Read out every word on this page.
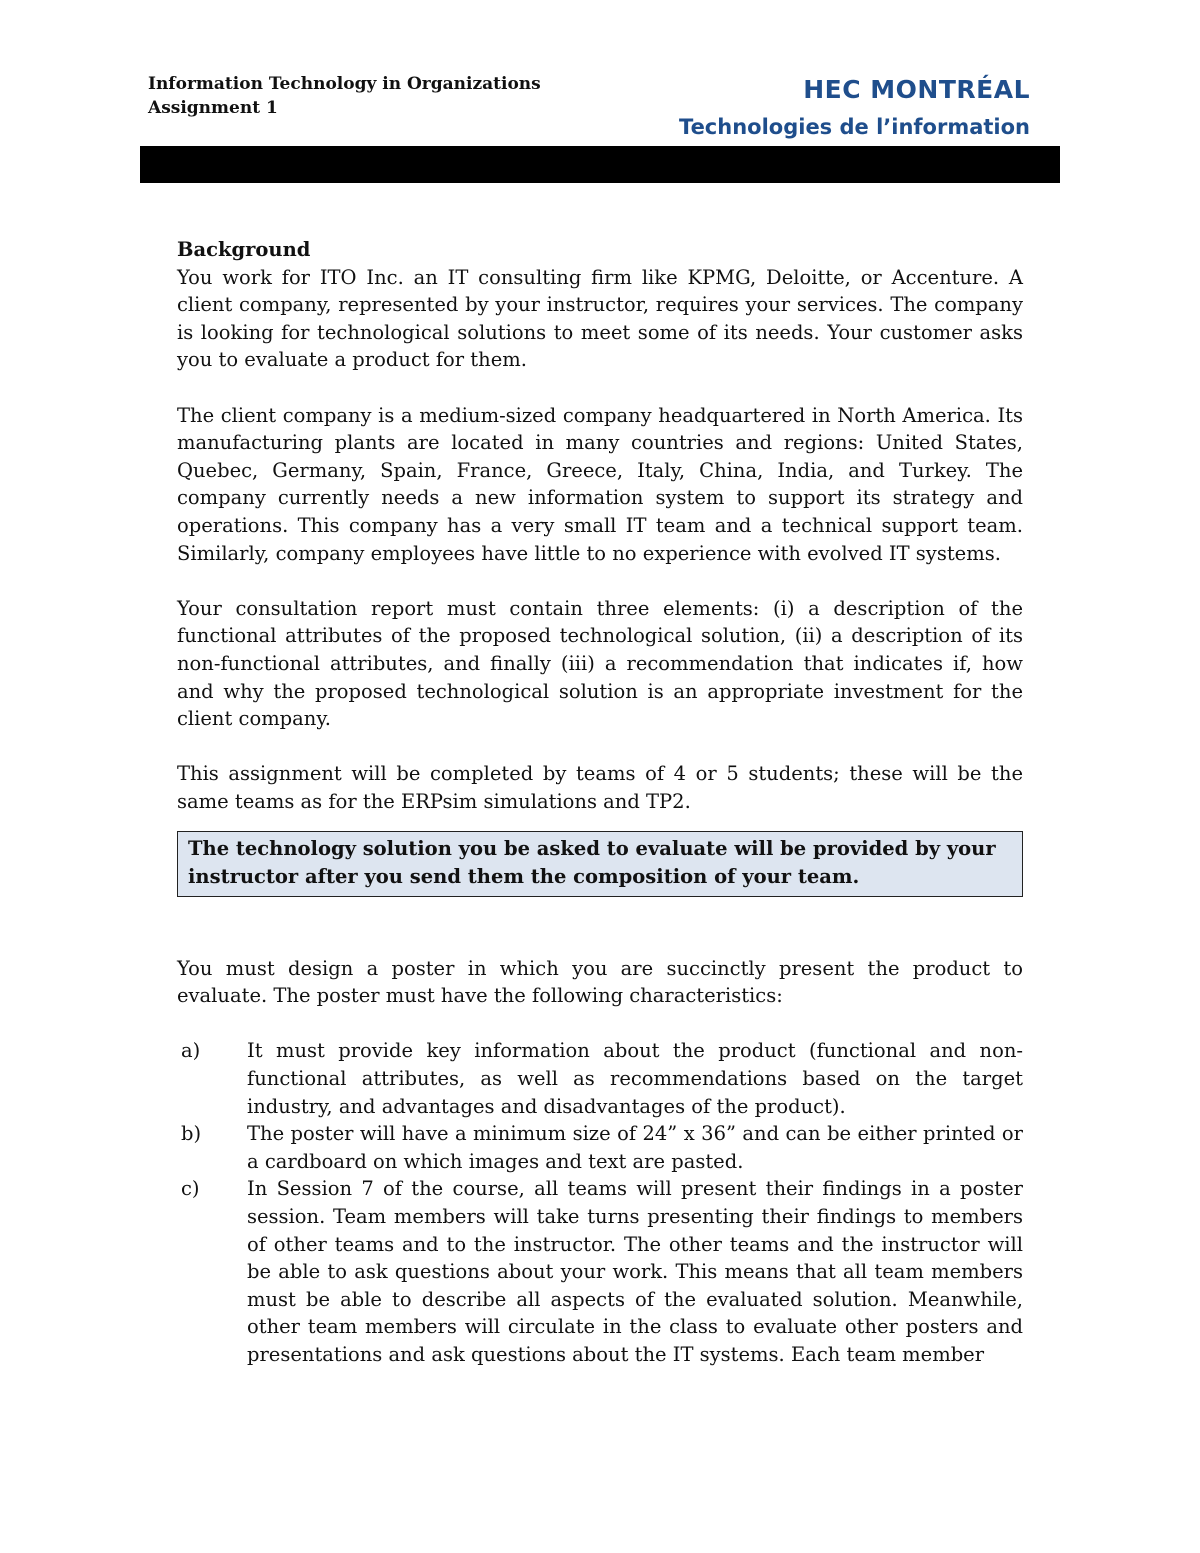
Information Technology in Organizations
Assignment 1
HEC MONTRÉAL
Technologies de l’information

Background

You work for ITO Inc. an IT consulting firm like KPMG, Deloitte, or Accenture. A client company, represented by your instructor, requires your services. The company is looking for technological solutions to meet some of its needs. Your customer asks you to evaluate a product for them.

The client company is a medium-sized company headquartered in North America. Its manufacturing plants are located in many countries and regions: United States, Quebec, Germany, Spain, France, Greece, Italy, China, India, and Turkey. The company currently needs a new information system to support its strategy and operations. This company has a very small IT team and a technical support team. Similarly, company employees have little to no experience with evolved IT systems.

Your consultation report must contain three elements: (i) a description of the functional attributes of the proposed technological solution, (ii) a description of its non-functional attributes, and finally (iii) a recommendation that indicates if, how and why the proposed technological solution is an appropriate investment for the client company.

This assignment will be completed by teams of 4 or 5 students; these will be the same teams as for the ERPsim simulations and TP2.

The technology solution you be asked to evaluate will be provided by your
instructor after you send them the composition of your team.

You must design a poster in which you are succinctly present the product to evaluate. The poster must have the following characteristics:

a) It must provide key information about the product (functional and non-functional attributes, as well as recommendations based on the target industry, and advantages and disadvantages of the product).
b) The poster will have a minimum size of 24” x 36” and can be either printed or a cardboard on which images and text are pasted.
c) In Session 7 of the course, all teams will present their findings in a poster session. Team members will take turns presenting their findings to members of other teams and to the instructor. The other teams and the instructor will be able to ask questions about your work. This means that all team members must be able to describe all aspects of the evaluated solution. Meanwhile, other team members will circulate in the class to evaluate other posters and presentations and ask questions about the IT systems. Each team member
